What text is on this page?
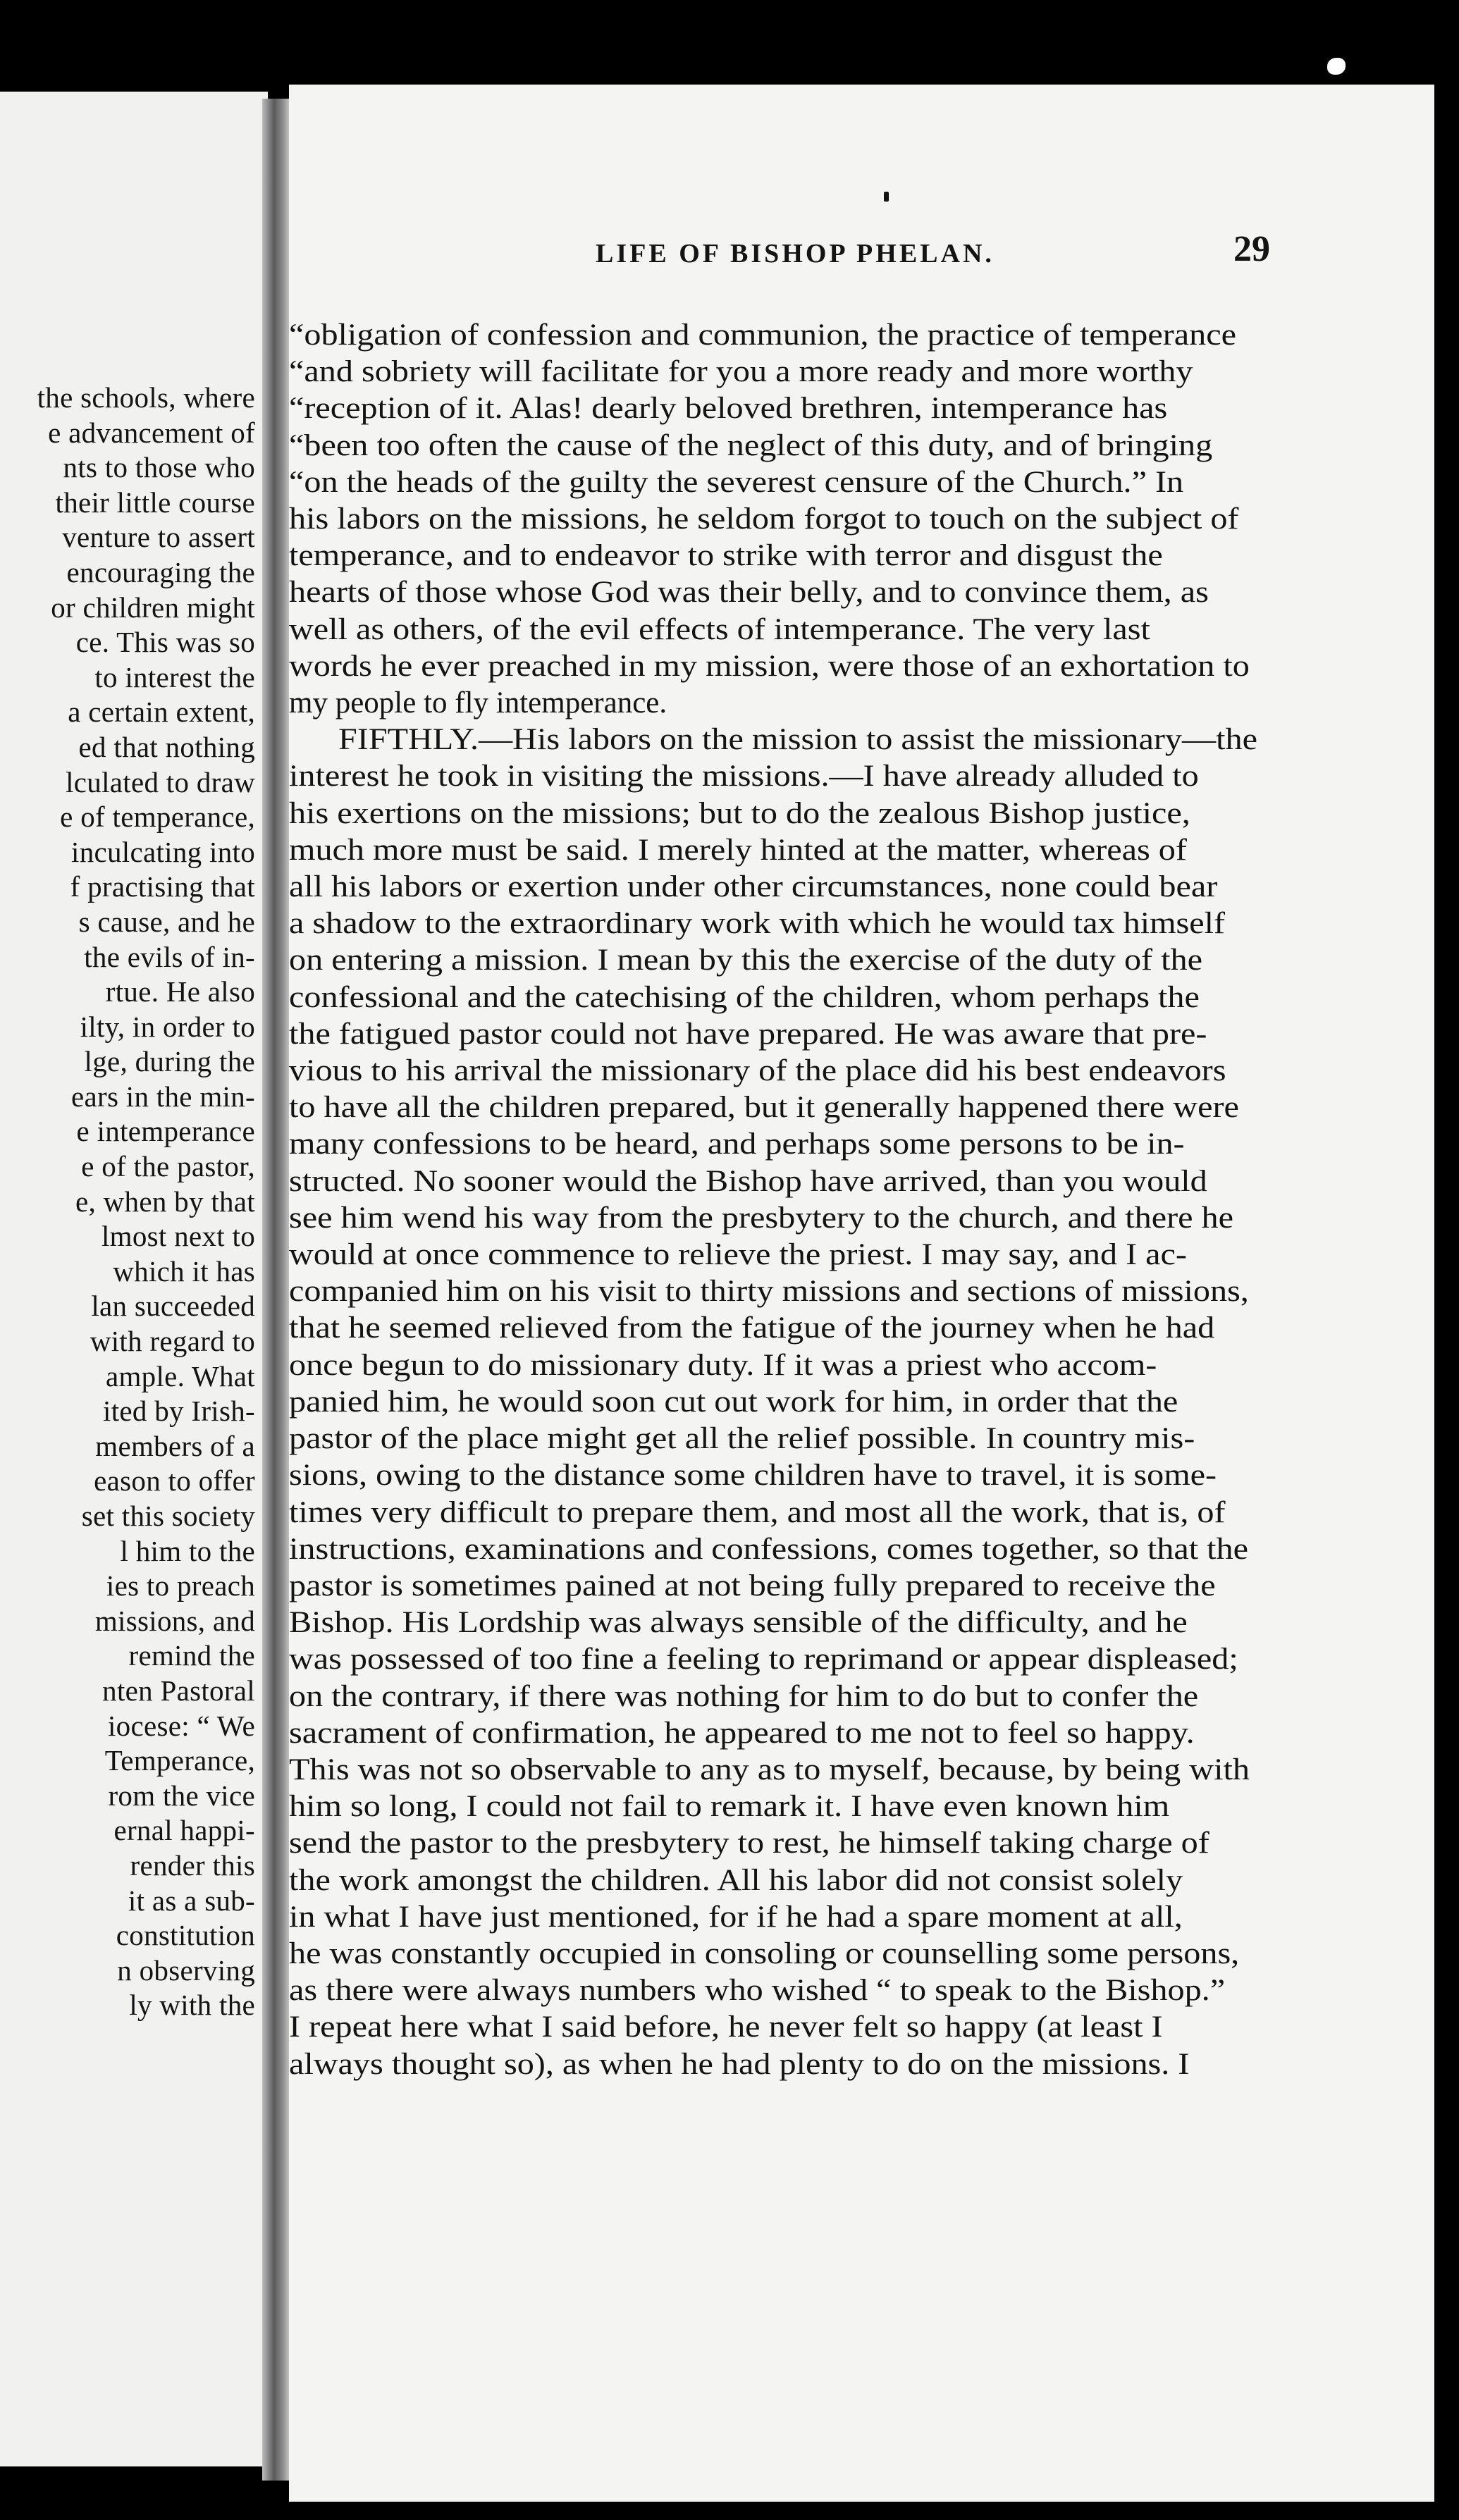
the schools, where
e advancement of
nts to those who
their little course
venture to assert
encouraging the
or children might
ce. This was so
to interest the
a certain extent,
ed that nothing
lculated to draw
e of temperance,
inculcating into
f practising that
s cause, and he
the evils of in-
rtue. He also
ilty, in order to
lge, during the
ears in the min-
e intemperance
e of the pastor,
e, when by that
lmost next to
which it has
lan succeeded
with regard to
ample. What
ited by Irish-
members of a
eason to offer
set this society
l him to the
ies to preach
missions, and
remind the
nten Pastoral
iocese: “ We
Temperance,
rom the vice
ernal happi-
render this
it as a sub-
constitution
n observing
ly with the
LIFE OF BISHOP PHELAN.	29
“obligation of confession and communion, the practice of temperance
“and sobriety will facilitate for you a more ready and more worthy
“reception of it. Alas! dearly beloved brethren, intemperance has
“been too often the cause of the neglect of this duty, and of bringing
“on the heads of the guilty the severest censure of the Church.” In
his labors on the missions, he seldom forgot to touch on the subject of
temperance, and to endeavor to strike with terror and disgust the
hearts of those whose God was their belly, and to convince them, as
well as others, of the evil effects of intemperance. The very last
words he ever preached in my mission, were those of an exhortation to
my people to fly intemperance.
FIFTHLY.—His labors on the mission to assist the missionary—the
interest he took in visiting the missions.—I have already alluded to
his exertions on the missions; but to do the zealous Bishop justice,
much more must be said. I merely hinted at the matter, whereas of
all his labors or exertion under other circumstances, none could bear
a shadow to the extraordinary work with which he would tax himself
on entering a mission. I mean by this the exercise of the duty of the
confessional and the catechising of the children, whom perhaps the
the fatigued pastor could not have prepared. He was aware that pre-
vious to his arrival the missionary of the place did his best endeavors
to have all the children prepared, but it generally happened there were
many confessions to be heard, and perhaps some persons to be in-
structed. No sooner would the Bishop have arrived, than you would
see him wend his way from the presbytery to the church, and there he
would at once commence to relieve the priest. I may say, and I ac-
companied him on his visit to thirty missions and sections of missions,
that he seemed relieved from the fatigue of the journey when he had
once begun to do missionary duty. If it was a priest who accom-
panied him, he would soon cut out work for him, in order that the
pastor of the place might get all the relief possible. In country mis-
sions, owing to the distance some children have to travel, it is some-
times very difficult to prepare them, and most all the work, that is, of
instructions, examinations and confessions, comes together, so that the
pastor is sometimes pained at not being fully prepared to receive the
Bishop. His Lordship was always sensible of the difficulty, and he
was possessed of too fine a feeling to reprimand or appear displeased;
on the contrary, if there was nothing for him to do but to confer the
sacrament of confirmation, he appeared to me not to feel so happy.
This was not so observable to any as to myself, because, by being with
him so long, I could not fail to remark it. I have even known him
send the pastor to the presbytery to rest, he himself taking charge of
the work amongst the children. All his labor did not consist solely
in what I have just mentioned, for if he had a spare moment at all,
he was constantly occupied in consoling or counselling some persons,
as there were always numbers who wished “ to speak to the Bishop.”
I repeat here what I said before, he never felt so happy (at least I
always thought so), as when he had plenty to do on the missions. I
